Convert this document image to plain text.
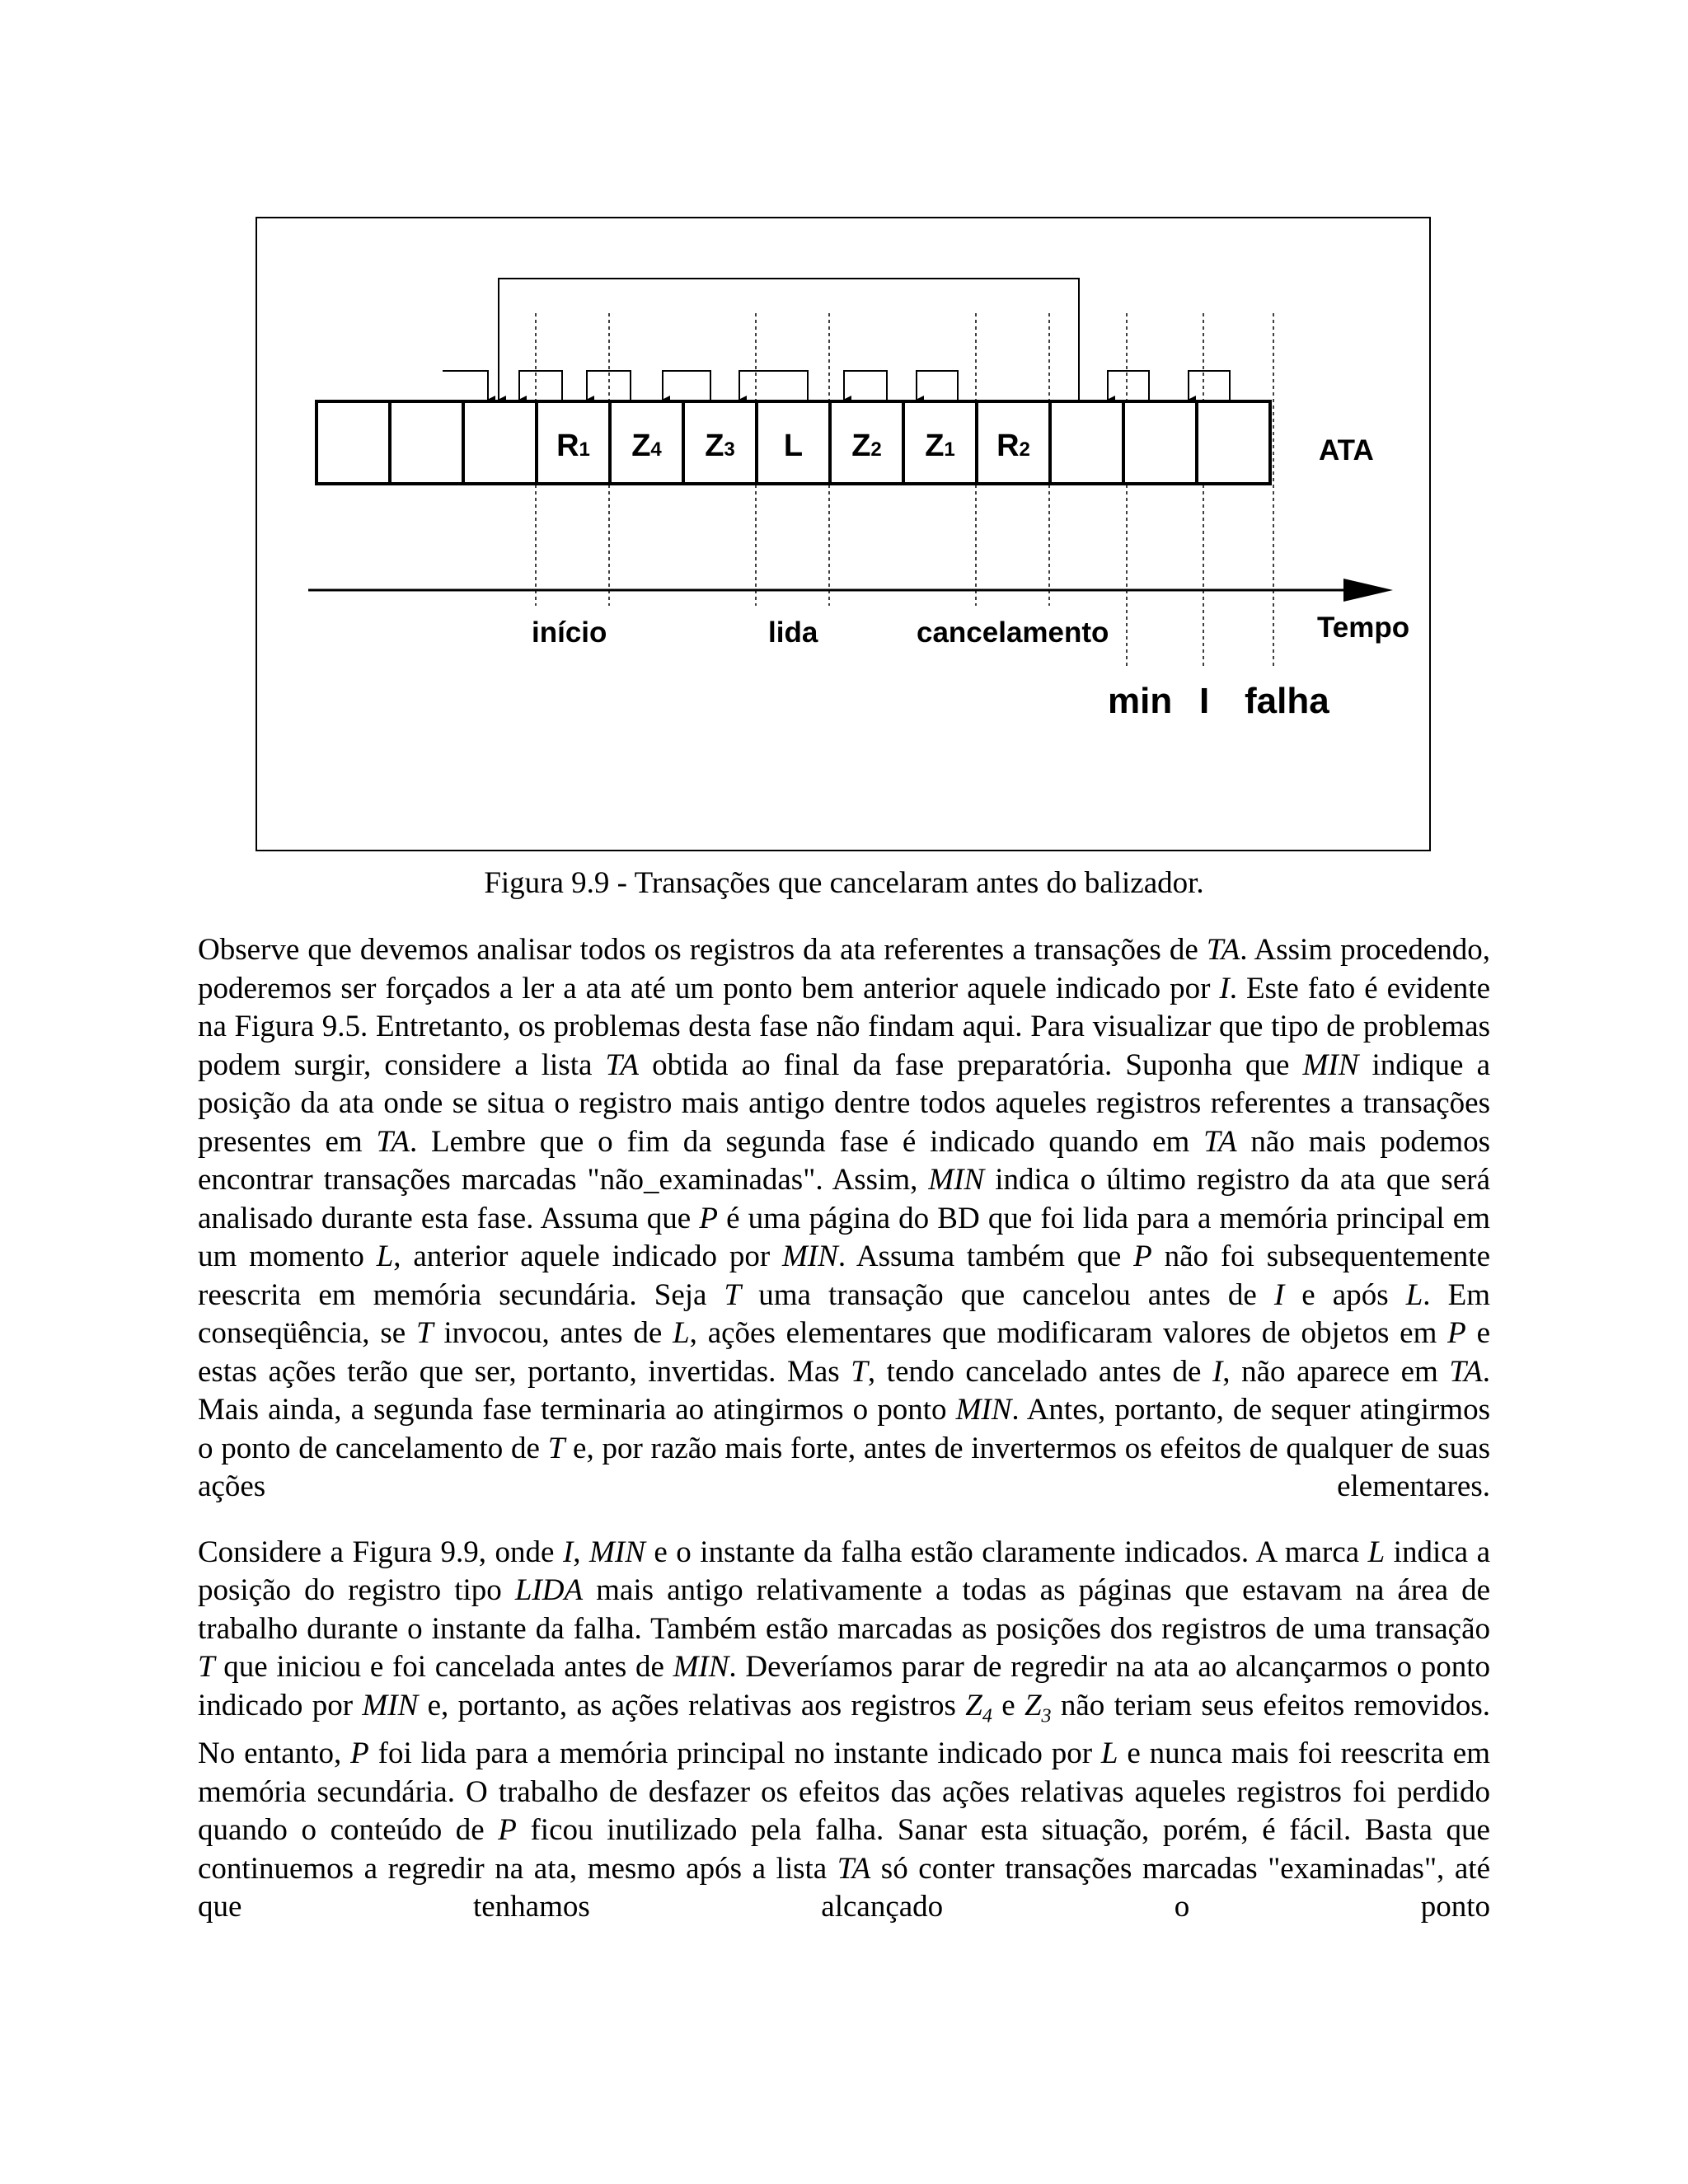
R1 Z4 Z3 L Z2 Z1 R2	ATA
Tempo
início	lida	cancelamento
min I falha

Figura 9.9 - Transações que cancelaram antes do balizador.

Observe que devemos analisar todos os registros da ata referentes a transações de TA. Assim procedendo, poderemos ser forçados a ler a ata até um ponto bem anterior aquele indicado por I. Este fato é evidente na Figura 9.5. Entretanto, os problemas desta fase não findam aqui. Para visualizar que tipo de problemas podem surgir, considere a lista TA obtida ao final da fase preparatória. Suponha que MIN indique a posição da ata onde se situa o registro mais antigo dentre todos aqueles registros referentes a transações presentes em TA. Lembre que o fim da segunda fase é indicado quando em TA não mais podemos encontrar transações marcadas "não_examinadas". Assim, MIN indica o último registro da ata que será analisado durante esta fase. Assuma que P é uma página do BD que foi lida para a memória principal em um momento L, anterior aquele indicado por MIN. Assuma também que P não foi subsequentemente reescrita em memória secundária. Seja T uma transação que cancelou antes de I e após L. Em conseqüência, se T invocou, antes de L, ações elementares que modificaram valores de objetos em P e estas ações terão que ser, portanto, invertidas. Mas T, tendo cancelado antes de I, não aparece em TA. Mais ainda, a segunda fase terminaria ao atingirmos o ponto MIN. Antes, portanto, de sequer atingirmos o ponto de cancelamento de T e, por razão mais forte, antes de invertermos os efeitos de qualquer de suas ações elementares.

Considere a Figura 9.9, onde I, MIN e o instante da falha estão claramente indicados. A marca L indica a posição do registro tipo LIDA mais antigo relativamente a todas as páginas que estavam na área de trabalho durante o instante da falha. Também estão marcadas as posições dos registros de uma transação T que iniciou e foi cancelada antes de MIN. Deveríamos parar de regredir na ata ao alcançarmos o ponto indicado por MIN e, portanto, as ações relativas aos registros $Z_4$ e $Z_3$ não teriam seus efeitos removidos. No entanto, P foi lida para a memória principal no instante indicado por L e nunca mais foi reescrita em memória secundária. O trabalho de desfazer os efeitos das ações relativas aqueles registros foi perdido quando o conteúdo de P ficou inutilizado pela falha. Sanar esta situação, porém, é fácil. Basta que continuemos a regredir na ata, mesmo após a lista TA só conter transações marcadas "examinadas", até que tenhamos alcançado o ponto
